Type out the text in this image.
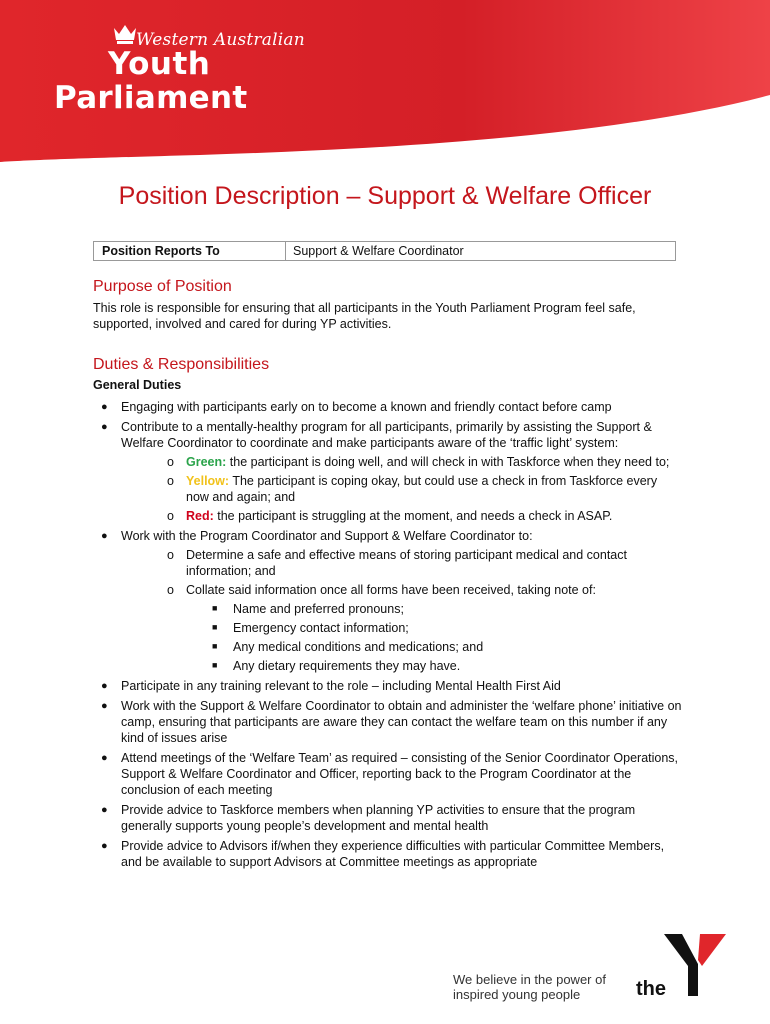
Western Australian
Youth
Parliament
Position Description – Support & Welfare Officer
Position Reports To	Support & Welfare Coordinator
Purpose of Position
This role is responsible for ensuring that all participants in the Youth Parliament Program feel safe, supported, involved and cared for during YP activities.
Duties & Responsibilities
General Duties
● Engaging with participants early on to become a known and friendly contact before camp
● Contribute to a mentally-healthy program for all participants, primarily by assisting the Support & Welfare Coordinator to coordinate and make participants aware of the ‘traffic light’ system:
o Green: the participant is doing well, and will check in with Taskforce when they need to;
o Yellow: The participant is coping okay, but could use a check in from Taskforce every now and again; and
o Red: the participant is struggling at the moment, and needs a check in ASAP.
● Work with the Program Coordinator and Support & Welfare Coordinator to:
o Determine a safe and effective means of storing participant medical and contact information; and
o Collate said information once all forms have been received, taking note of:
■ Name and preferred pronouns;
■ Emergency contact information;
■ Any medical conditions and medications; and
■ Any dietary requirements they may have.
● Participate in any training relevant to the role – including Mental Health First Aid
● Work with the Support & Welfare Coordinator to obtain and administer the ‘welfare phone’ initiative on camp, ensuring that participants are aware they can contact the welfare team on this number if any kind of issues arise
● Attend meetings of the ‘Welfare Team’ as required – consisting of the Senior Coordinator Operations, Support & Welfare Coordinator and Officer, reporting back to the Program Coordinator at the conclusion of each meeting
● Provide advice to Taskforce members when planning YP activities to ensure that the program generally supports young people’s development and mental health
● Provide advice to Advisors if/when they experience difficulties with particular Committee Members, and be available to support Advisors at Committee meetings as appropriate
We believe in the power of
inspired young people	the
